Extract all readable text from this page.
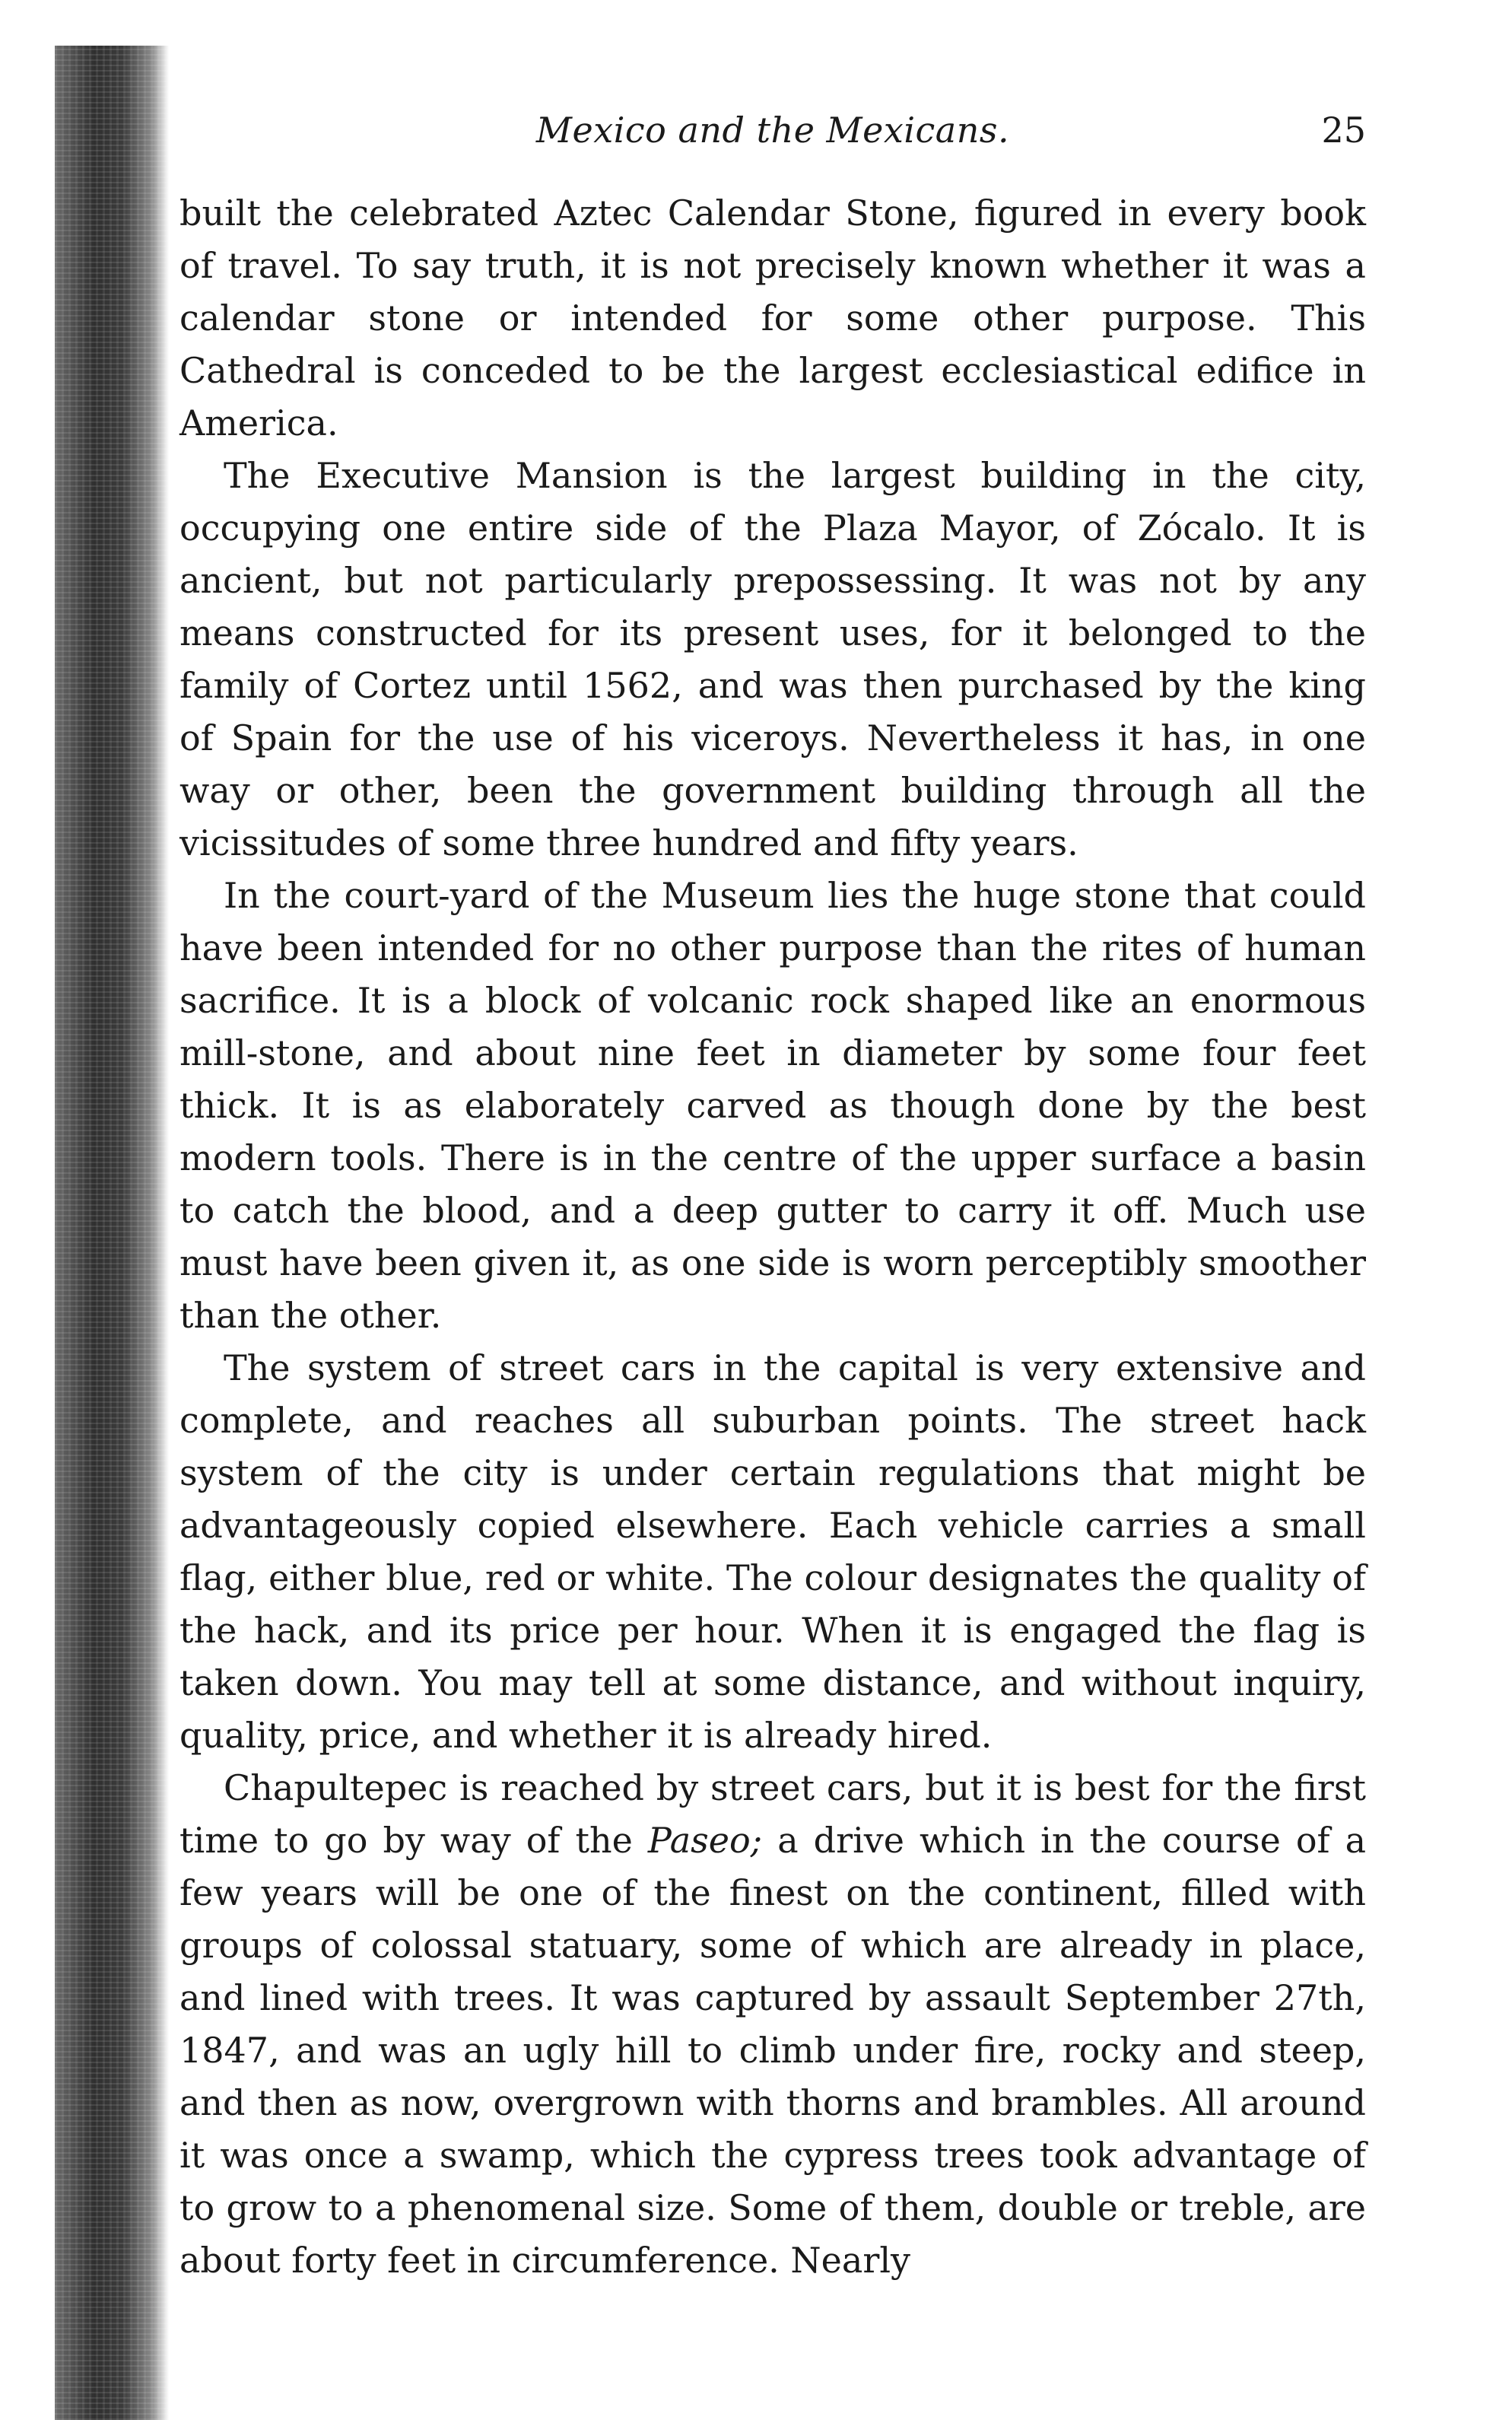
Mexico and the Mexicans.	25

built the celebrated Aztec Calendar Stone, figured in every book of travel. To say truth, it is not precisely known whether it was a calendar stone or intended for some other purpose. This Cathedral is conceded to be the largest ecclesiastical edifice in America.

The Executive Mansion is the largest building in the city, occupying one entire side of the Plaza Mayor, of Zócalo. It is ancient, but not particularly prepossessing. It was not by any means constructed for its present uses, for it belonged to the family of Cortez until 1562, and was then purchased by the king of Spain for the use of his viceroys. Nevertheless it has, in one way or other, been the government building through all the vicissitudes of some three hundred and fifty years.

In the court-yard of the Museum lies the huge stone that could have been intended for no other purpose than the rites of human sacrifice. It is a block of volcanic rock shaped like an enormous mill-stone, and about nine feet in diameter by some four feet thick. It is as elaborately carved as though done by the best modern tools. There is in the centre of the upper surface a basin to catch the blood, and a deep gutter to carry it off. Much use must have been given it, as one side is worn perceptibly smoother than the other.

The system of street cars in the capital is very extensive and complete, and reaches all suburban points. The street hack system of the city is under certain regulations that might be advantageously copied elsewhere. Each vehicle carries a small flag, either blue, red or white. The colour designates the quality of the hack, and its price per hour. When it is engaged the flag is taken down. You may tell at some distance, and without inquiry, quality, price, and whether it is already hired.

Chapultepec is reached by street cars, but it is best for the first time to go by way of the Paseo; a drive which in the course of a few years will be one of the finest on the continent, filled with groups of colossal statuary, some of which are already in place, and lined with trees. It was captured by assault September 27th, 1847, and was an ugly hill to climb under fire, rocky and steep, and then as now, overgrown with thorns and brambles. All around it was once a swamp, which the cypress trees took advantage of to grow to a phenomenal size. Some of them, double or treble, are about forty feet in circumference. Nearly
